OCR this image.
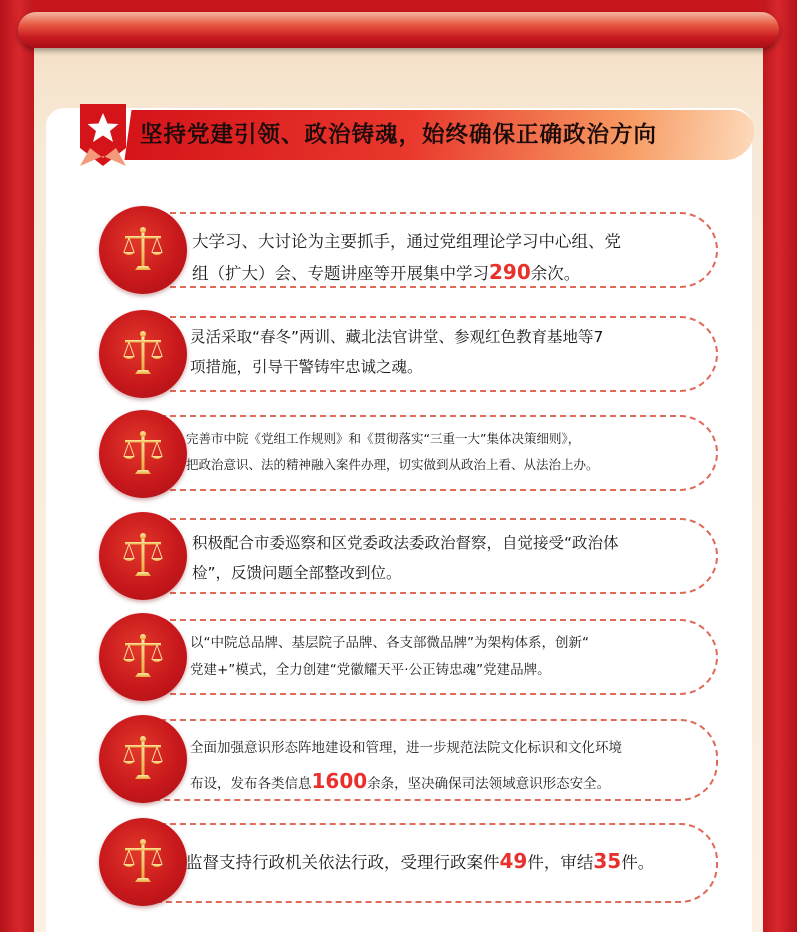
坚持党建引领、政治铸魂，始终确保正确政治方向
大学习、大讨论为主要抓手，通过党组理论学习中心组、党
组（扩大）会、专题讲座等开展集中学习290余次。
灵活采取“春冬”两训、藏北法官讲堂、参观红色教育基地等7
项措施，引导干警铸牢忠诚之魂。
完善市中院《党组工作规则》和《贯彻落实“三重一大”集体决策细则》，
把政治意识、法的精神融入案件办理，切实做到从政治上看、从法治上办。
积极配合市委巡察和区党委政法委政治督察，自觉接受“政治体
检”，反馈问题全部整改到位。
以“中院总品牌、基层院子品牌、各支部微品牌”为架构体系，创新“
党建+”模式，全力创建“党徽耀天平·公正铸忠魂”党建品牌。
全面加强意识形态阵地建设和管理，进一步规范法院文化标识和文化环境
布设，发布各类信息1600余条，坚决确保司法领域意识形态安全。
监督支持行政机关依法行政，受理行政案件49件，审结35件。
